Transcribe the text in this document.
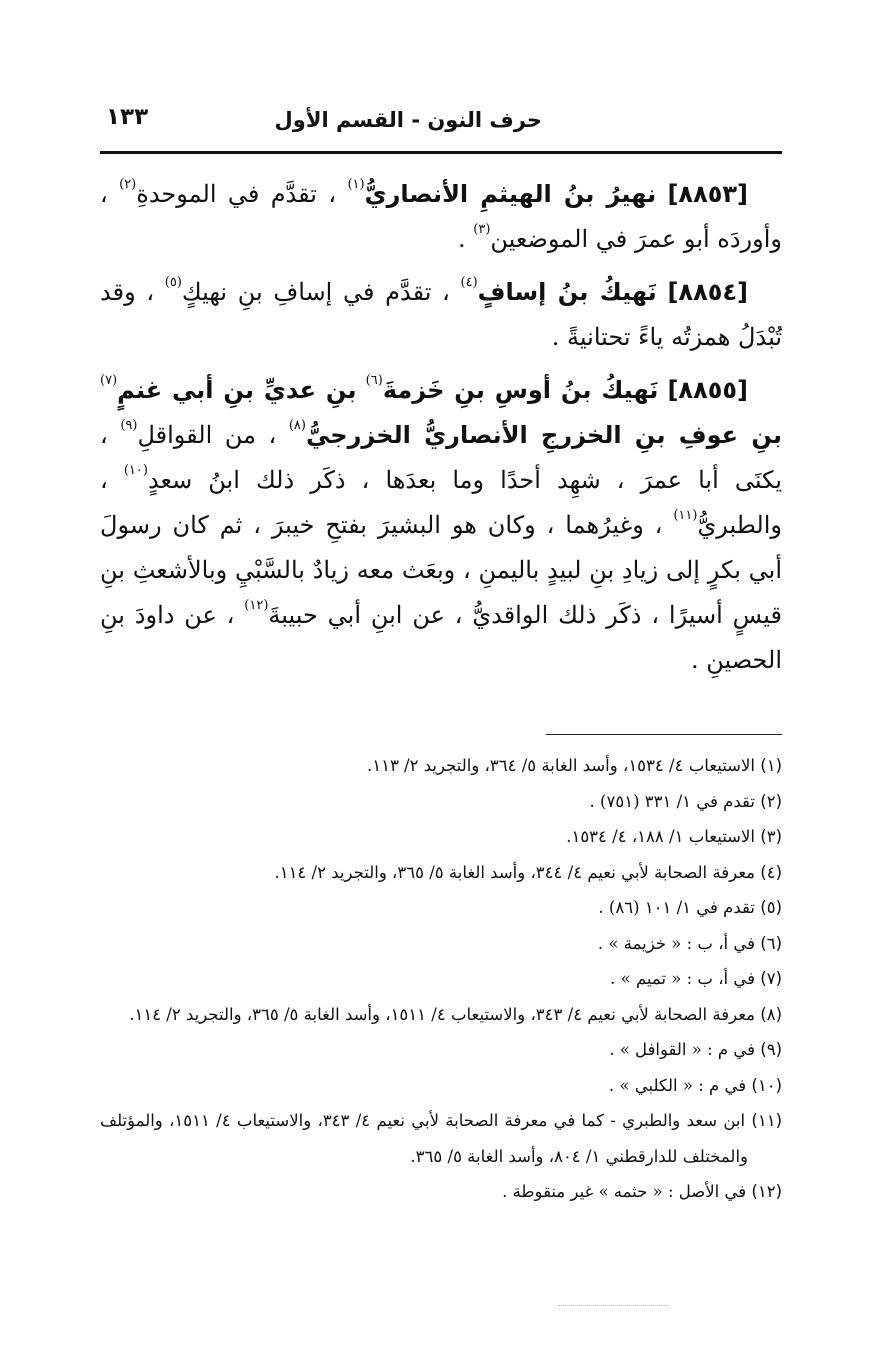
حرف النون - القسم الأول
١٣٣

[٨٨٥٣] نهيرُ بنُ الهيثمِ الأنصاريُّ$^{(١)}$ ، تقدَّم في الموحدةِ$^{(٢)}$ ، وأوردَه أبو عمرَ في الموضعين$^{(٣)}$ .

[٨٨٥٤] نَهيكُ بنُ إسافٍ$^{(٤)}$ ، تقدَّم في إسافِ بنِ نهيكٍ$^{(٥)}$ ، وقد تُبْدَلُ همزتُه ياءً تحتانيةً .

[٨٨٥٥] نَهيكُ بنُ أوسِ بنِ خَزمةَ$^{(٦)}$ بنِ عديِّ بنِ أبي غنمٍ$^{(٧)}$ بنِ عوفِ بنِ الخزرجِ الأنصاريُّ الخزرجيُّ$^{(٨)}$ ، من القواقلِ$^{(٩)}$ ، يكنَى أبا عمرَ ، شهِد أحدًا وما بعدَها ، ذكَر ذلك ابنُ سعدٍ$^{(١٠)}$ ، والطبريُّ$^{(١١)}$ ، وغيرُهما ، وكان هو البشيرَ بفتحِ خيبرَ ، ثم كان رسولَ أبي بكرٍ إلى زيادِ بنِ لبيدٍ باليمنِ ، وبعَث معه زيادٌ بالسَّبْيِ وبالأشعثِ بنِ قيسٍ أسيرًا ، ذكَر ذلك الواقديُّ ، عن ابنِ أبي حبيبةَ$^{(١٢)}$ ، عن داودَ بنِ الحصينِ .

(١) الاستيعاب ٤/ ١٥٣٤، وأسد الغابة ٥/ ٣٦٤، والتجريد ٢/ ١١٣.

(٢) تقدم في ١/ ٣٣١ (٧٥١) .

(٣) الاستيعاب ١/ ١٨٨، ٤/ ١٥٣٤.

(٤) معرفة الصحابة لأبي نعيم ٤/ ٣٤٤، وأسد الغابة ٥/ ٣٦٥، والتجريد ٢/ ١١٤.

(٥) تقدم في ١/ ١٠١ (٨٦) .

(٦) في أ، ب : « خزيمة » .

(٧) في أ، ب : « تميم » .

(٨) معرفة الصحابة لأبي نعيم ٤/ ٣٤٣، والاستيعاب ٤/ ١٥١١، وأسد الغابة ٥/ ٣٦٥، والتجريد ٢/ ١١٤.

(٩) في م : « القوافل » .

(١٠) في م : « الكلبي » .

(١١) ابن سعد والطبري - كما في معرفة الصحابة لأبي نعيم ٤/ ٣٤٣، والاستيعاب ٤/ ١٥١١، والمؤتلف والمختلف للدارقطني ١/ ٨٠٤، وأسد الغابة ٥/ ٣٦٥.

(١٢) في الأصل : « حثمه » غير منقوطة .
